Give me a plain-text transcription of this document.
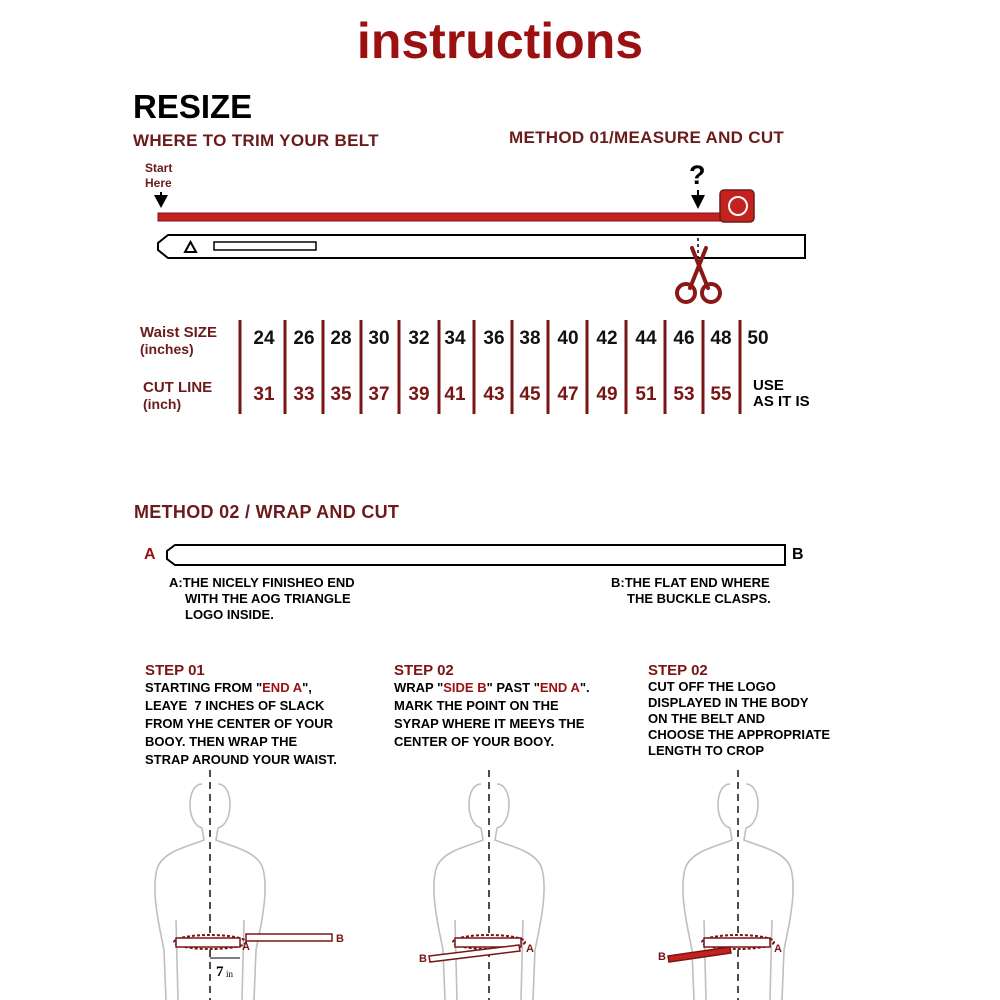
instructions
RESIZE
WHERE TO TRIM YOUR BELT	METHOD 01/MEASURE AND CUT
Start
Here	?
Waist SIZE
(inches)
CUT LINE
(inch)
24 26 28 30 32 34 36 38 40 42 44 46 48 50
31 33 35 37 39 41 43 45 47 49 51 53 55	USE
AS IT IS
METHOD 02 / WRAP AND CUT
A	B
A:THE NICELY FINISHEO END
WITH THE AOG TRIANGLE
LOGO INSIDE.
B:THE FLAT END WHERE
THE BUCKLE CLASPS.
STEP 01
STARTING FROM "END A",
LEAYE  7 INCHES OF SLACK
FROM YHE CENTER OF YOUR
BOOY. THEN WRAP THE
STRAP AROUND YOUR WAIST.
STEP 02
WRAP "SIDE B" PAST "END A".
MARK THE POINT ON THE
SYRAP WHERE IT MEEYS THE
CENTER OF YOUR BOOY.
STEP 02
CUT OFF THE LOGO
DISPLAYED IN THE BODY
ON THE BELT AND
CHOOSE THE APPROPRIATE
LENGTH TO CROP
A
B
7 in
A
B
A
B
